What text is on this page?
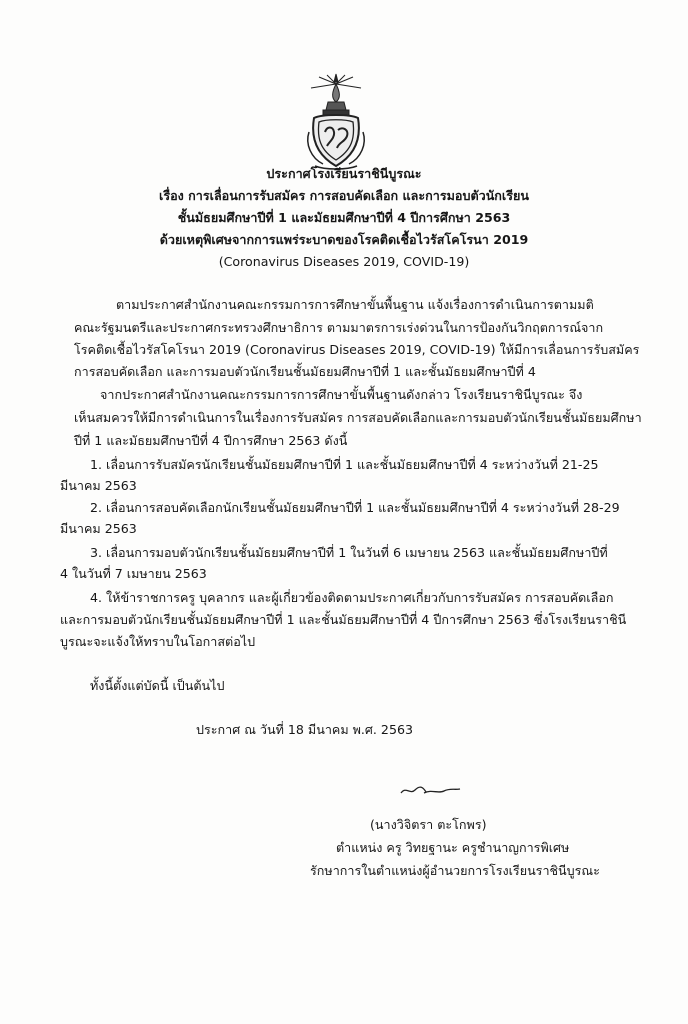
ประกาศโรงเรียนราชินีบูรณะ
เรื่อง การเลื่อนการรับสมัคร การสอบคัดเลือก และการมอบตัวนักเรียน
ชั้นมัธยมศึกษาปีที่ 1 และมัธยมศึกษาปีที่ 4 ปีการศึกษา 2563
ด้วยเหตุพิเศษจากการแพร่ระบาดของโรคติดเชื้อไวรัสโคโรนา 2019
(Coronavirus Diseases 2019, COVID-19)
ตามประกาศสำนักงานคณะกรรมการการศึกษาขั้นพื้นฐาน แจ้งเรื่องการดำเนินการตามมติ
คณะรัฐมนตรีและประกาศกระทรวงศึกษาธิการ ตามมาตรการเร่งด่วนในการป้องกันวิกฤตการณ์จาก
โรคติดเชื้อไวรัสโคโรนา 2019 (Coronavirus Diseases 2019, COVID-19) ให้มีการเลื่อนการรับสมัคร
การสอบคัดเลือก และการมอบตัวนักเรียนชั้นมัธยมศึกษาปีที่ 1 และชั้นมัธยมศึกษาปีที่ 4
จากประกาศสำนักงานคณะกรรมการการศึกษาขั้นพื้นฐานดังกล่าว โรงเรียนราชินีบูรณะ จึง
เห็นสมควรให้มีการดำเนินการในเรื่องการรับสมัคร การสอบคัดเลือกและการมอบตัวนักเรียนชั้นมัธยมศึกษา
ปีที่ 1 และมัธยมศึกษาปีที่ 4 ปีการศึกษา 2563 ดังนี้
1. เลื่อนการรับสมัครนักเรียนชั้นมัธยมศึกษาปีที่ 1 และชั้นมัธยมศึกษาปีที่ 4 ระหว่างวันที่ 21-25
มีนาคม 2563
2. เลื่อนการสอบคัดเลือกนักเรียนชั้นมัธยมศึกษาปีที่ 1 และชั้นมัธยมศึกษาปีที่ 4 ระหว่างวันที่ 28-29
มีนาคม 2563
3. เลื่อนการมอบตัวนักเรียนชั้นมัธยมศึกษาปีที่ 1 ในวันที่ 6 เมษายน 2563 และชั้นมัธยมศึกษาปีที่
4 ในวันที่ 7 เมษายน 2563
4. ให้ข้าราชการครู บุคลากร และผู้เกี่ยวข้องติดตามประกาศเกี่ยวกับการรับสมัคร การสอบคัดเลือก
และการมอบตัวนักเรียนชั้นมัธยมศึกษาปีที่ 1 และชั้นมัธยมศึกษาปีที่ 4 ปีการศึกษา 2563 ซึ่งโรงเรียนราชินี
บูรณะจะแจ้งให้ทราบในโอกาสต่อไป
ทั้งนี้ตั้งแต่บัดนี้ เป็นต้นไป
ประกาศ ณ วันที่ 18 มีนาคม พ.ศ. 2563
(นางวิจิตรา ตะโกพร)
ตำแหน่ง ครู วิทยฐานะ ครูชำนาญการพิเศษ
รักษาการในตำแหน่งผู้อำนวยการโรงเรียนราชินีบูรณะ
